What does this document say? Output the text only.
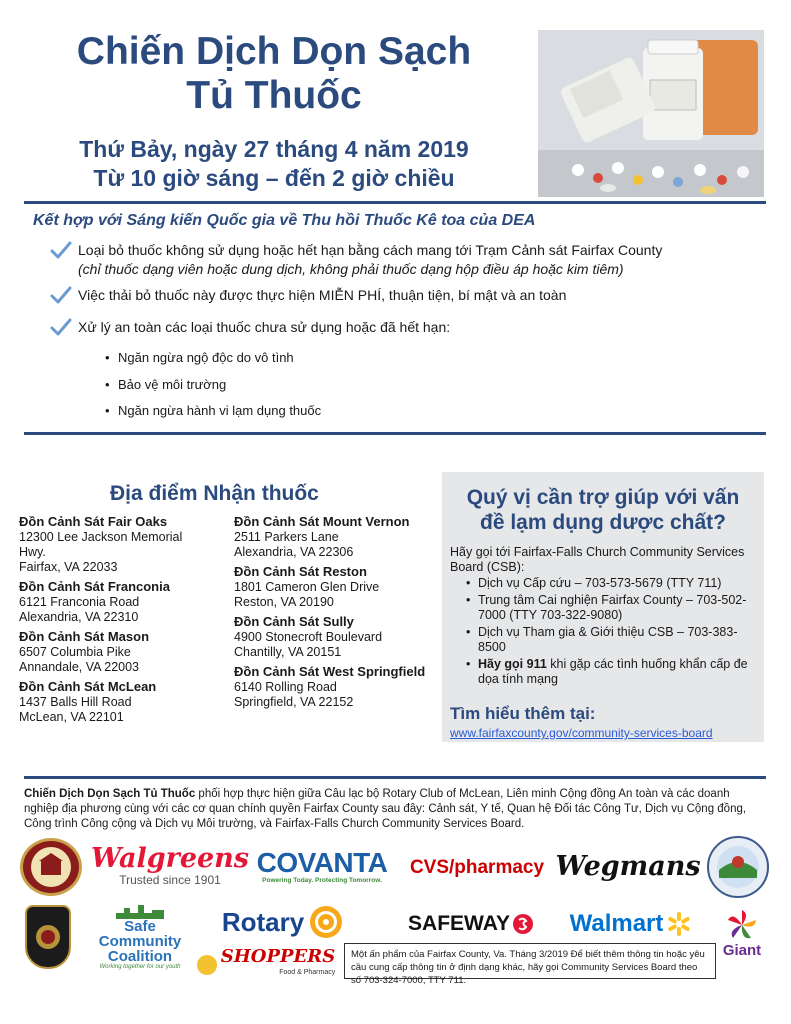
Chiến Dịch Dọn Sạch
Tủ Thuốc
Thứ Bảy, ngày 27 tháng 4 năm 2019
Từ 10 giờ sáng – đến 2 giờ chiều
Kết hợp với Sáng kiến Quốc gia về Thu hồi Thuốc Kê toa của DEA
Loại bỏ thuốc không sử dụng hoặc hết hạn bằng cách mang tới Trạm Cảnh sát Fairfax County
(chỉ thuốc dạng viên hoặc dung dịch, không phải thuốc dạng hộp điều áp hoặc kim tiêm)
Việc thải bỏ thuốc này được thực hiện MIỄN PHÍ, thuận tiện, bí mật và an toàn
Xử lý an toàn các loại thuốc chưa sử dụng hoặc đã hết hạn:
• Ngăn ngừa ngộ độc do vô tình
• Bảo vệ môi trường
• Ngăn ngừa hành vi lạm dụng thuốc
Địa điểm Nhận thuốc
Đồn Cảnh Sát Fair Oaks
12300 Lee Jackson Memorial
Hwy.
Fairfax, VA 22033
Đồn Cảnh Sát Franconia
6121 Franconia Road
Alexandria, VA 22310
Đồn Cảnh Sát Mason
6507 Columbia Pike
Annandale, VA 22003
Đồn Cảnh Sát McLean
1437 Balls Hill Road
McLean, VA 22101
Đồn Cảnh Sát Mount Vernon
2511 Parkers Lane
Alexandria, VA 22306
Đồn Cảnh Sát Reston
1801 Cameron Glen Drive
Reston, VA 20190
Đồn Cảnh Sát Sully
4900 Stonecroft Boulevard
Chantilly, VA 20151
Đồn Cảnh Sát West Springfield
6140 Rolling Road
Springfield, VA 22152
Quý vị cần trợ giúp với vấn
đề lạm dụng dược chất?
Hãy gọi tới Fairfax-Falls Church Community Services Board (CSB):
• Dịch vụ Cấp cứu – 703-573-5679 (TTY 711)
• Trung tâm Cai nghiện Fairfax County – 703-502-7000 (TTY 703-322-9080)
• Dịch vụ Tham gia & Giới thiệu CSB – 703-383-8500
• Hãy gọi 911 khi gặp các tình huống khẩn cấp đe dọa tính mạng
Tìm hiểu thêm tại:
www.fairfaxcounty.gov/community-services-board
Chiến Dịch Dọn Sạch Tủ Thuốc phối hợp thực hiện giữa Câu lạc bộ Rotary Club of McLean, Liên minh Cộng đồng An toàn và các doanh nghiệp địa phương cùng với các cơ quan chính quyền Fairfax County sau đây: Cảnh sát, Y tế, Quan hệ Đối tác Công Tư, Dịch vụ Cộng đồng, Công trình Công cộng và Dịch vụ Môi trường, và Fairfax-Falls Church Community Services Board.
Walgreens
Trusted since 1901
COVANTA
Powering Today. Protecting Tomorrow.
CVS/pharmacy Wegmans
Safe
Community
Coalition
Working together for our youth
Rotary
SHOPPERS
Food & Pharmacy
SAFEWAY Walmart
Giant
Một ấn phẩm của Fairfax County, Va. Tháng 3/2019 Để biết thêm thông tin hoặc yêu cầu cung cấp thông tin ở định dạng khác, hãy gọi Community Services Board theo số 703-324-7000, TTY 711.
